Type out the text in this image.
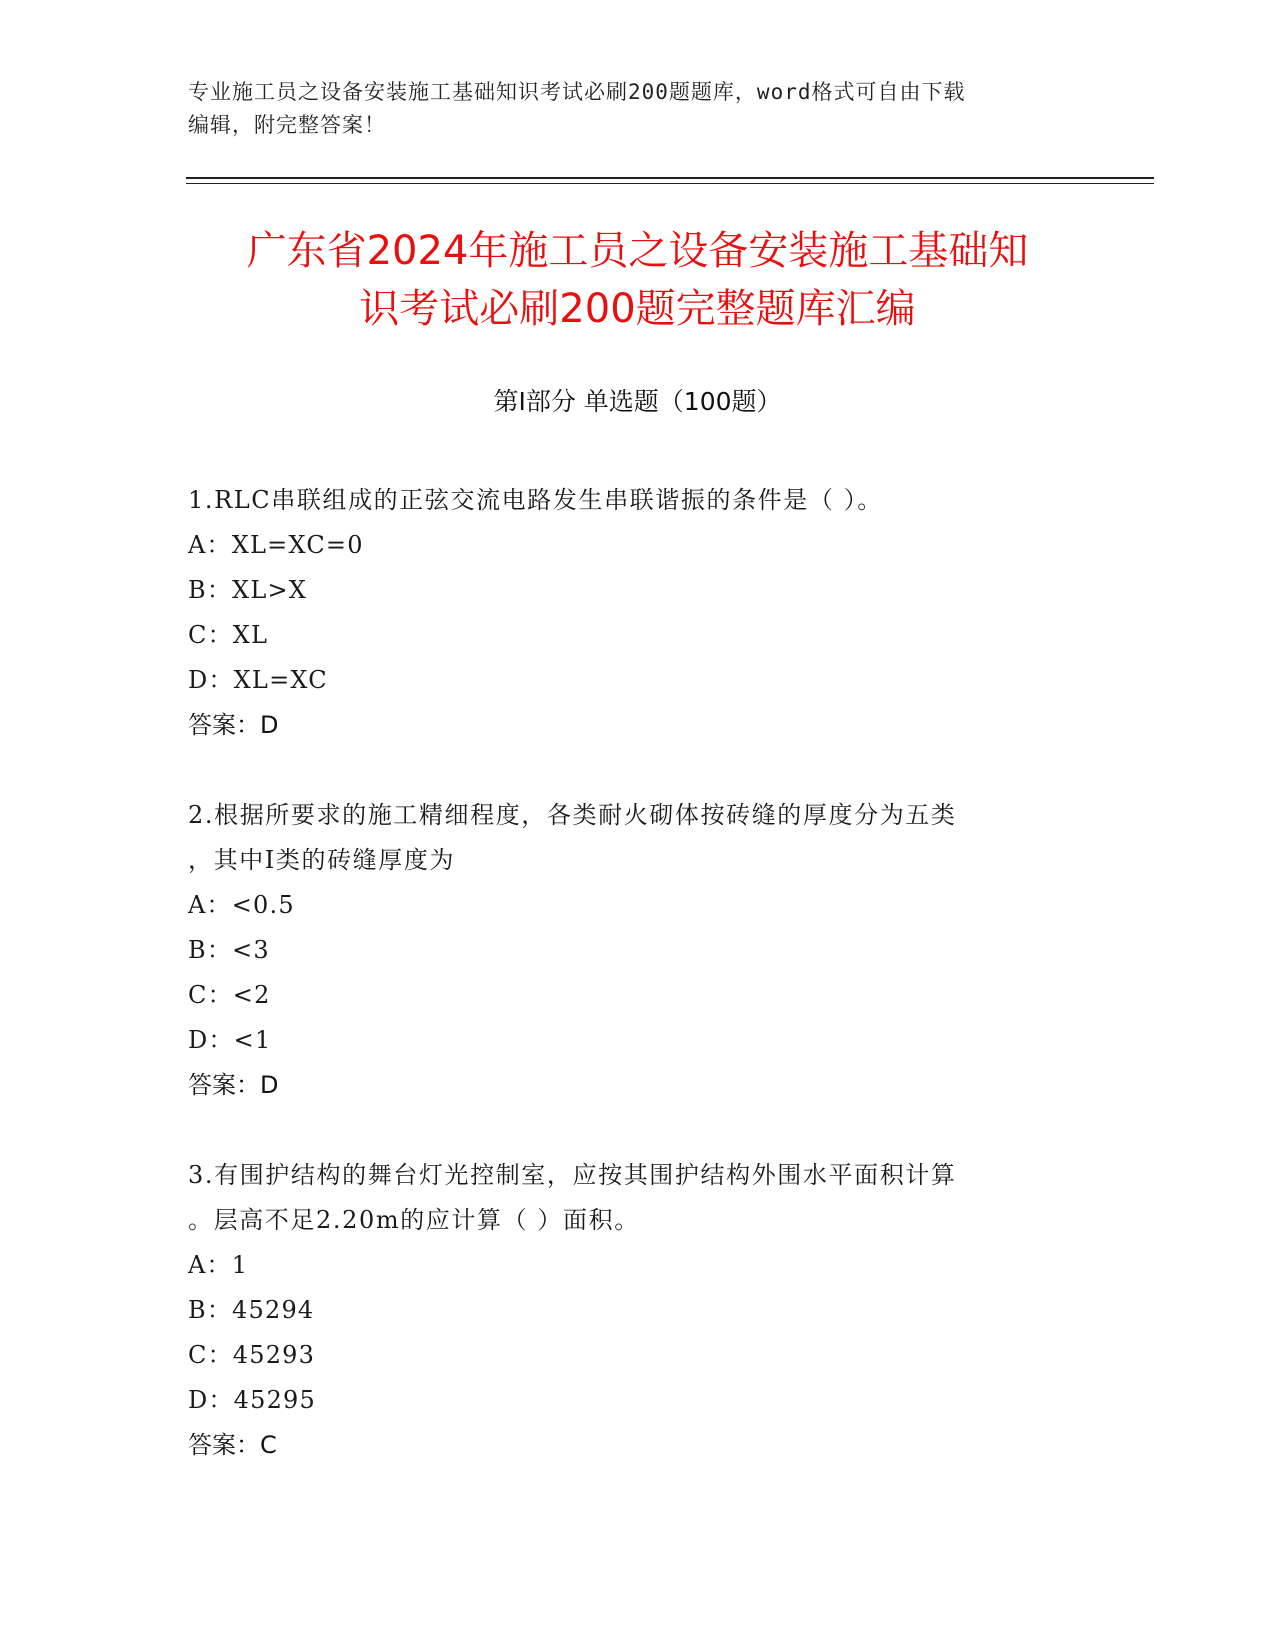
专业施工员之设备安装施工基础知识考试必刷200题题库，word格式可自由下载
编辑，附完整答案！
广东省2024年施工员之设备安装施工基础知
识考试必刷200题完整题库汇编
第Ⅰ部分 单选题（100题）
1.RLC串联组成的正弦交流电路发生串联谐振的条件是（ ）。
A：XL=XC=0
B：XL>X
C：XL
D：XL=XC
答案：D
2.根据所要求的施工精细程度，各类耐火砌体按砖缝的厚度分为五类
，其中Ⅰ类的砖缝厚度为
A：<0.5
B：<3
C：<2
D：<1
答案：D
3.有围护结构的舞台灯光控制室，应按其围护结构外围水平面积计算
。层高不足2.20m的应计算（ ）面积。
A：1
B：45294
C：45293
D：45295
答案：C
